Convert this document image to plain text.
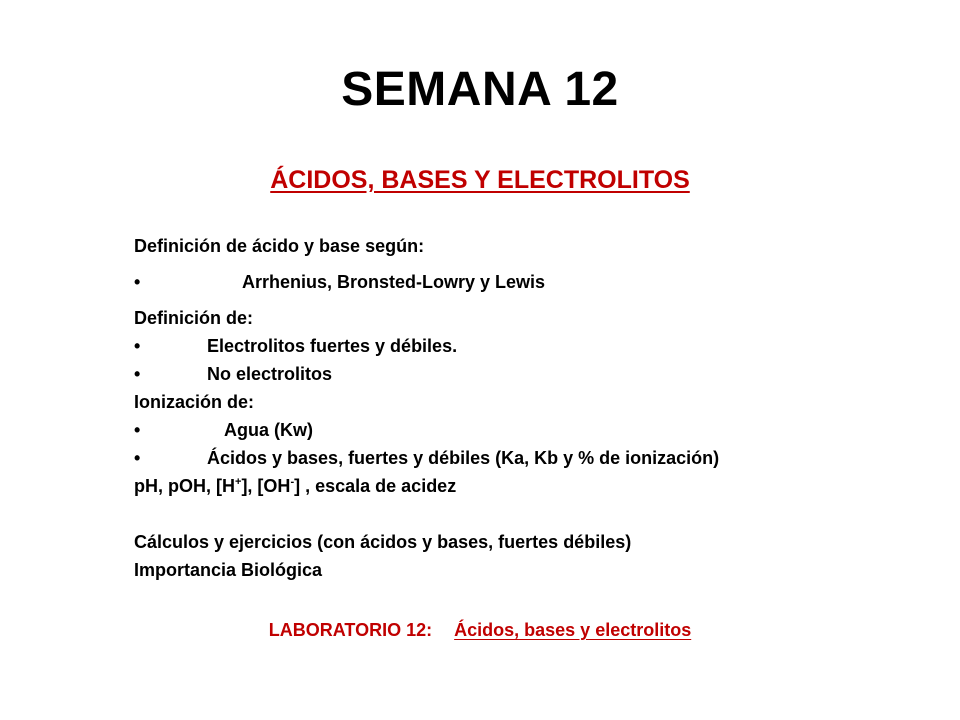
SEMANA 12
ÁCIDOS, BASES Y ELECTROLITOS
Definición de ácido y base según:
•	Arrhenius, Bronsted-Lowry y Lewis
Definición de:
•	Electrolitos fuertes y débiles.
•	No electrolitos
Ionización de:
•	Agua (Kw)
•	Ácidos y bases, fuertes y débiles (Ka, Kb y % de ionización)
pH, pOH, [H+], [OH-] , escala de acidez
Cálculos y ejercicios (con ácidos y bases, fuertes débiles)
Importancia Biológica
LABORATORIO 12: Ácidos, bases y electrolitos
